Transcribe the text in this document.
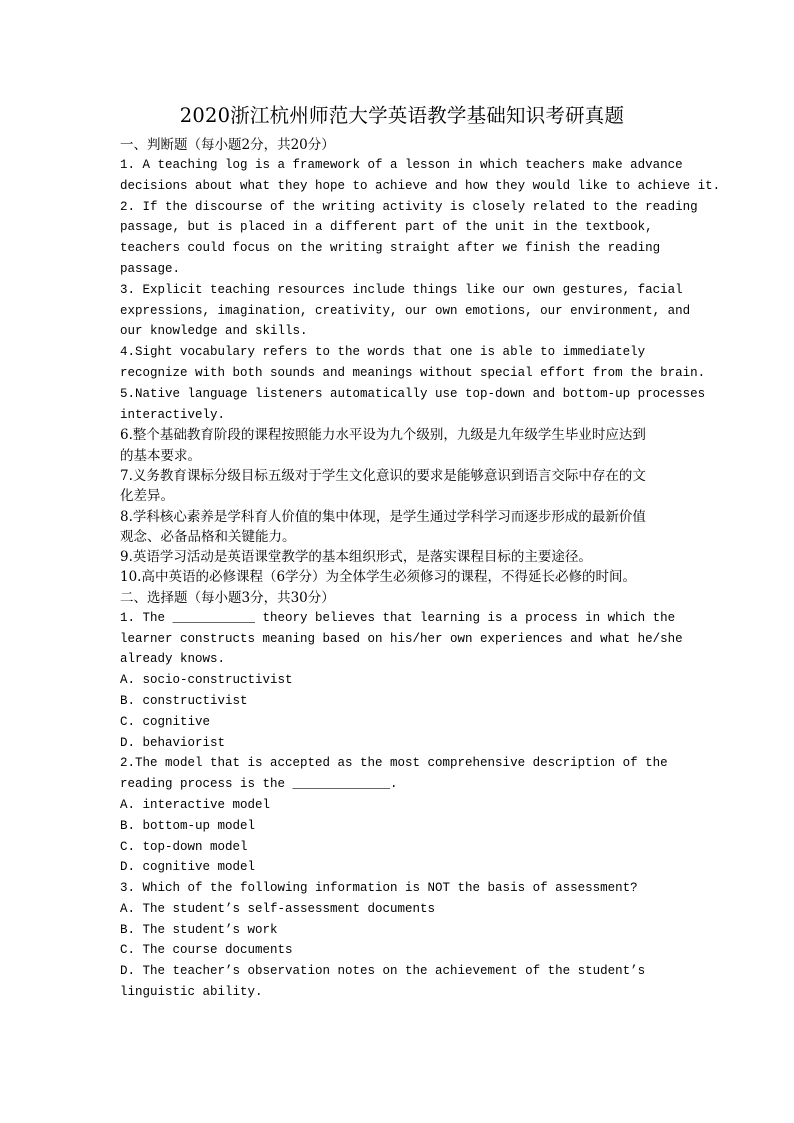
2020浙江杭州师范大学英语教学基础知识考研真题
一、判断题（每小题2分，共20分）
1. A teaching log is a framework of a lesson in which teachers make advance
decisions about what they hope to achieve and how they would like to achieve it.
2. If the discourse of the writing activity is closely related to the reading
passage, but is placed in a different part of the unit in the textbook,
teachers could focus on the writing straight after we finish the reading
passage.
3. Explicit teaching resources include things like our own gestures, facial
expressions, imagination, creativity, our own emotions, our environment, and
our knowledge and skills.
4.Sight vocabulary refers to the words that one is able to immediately
recognize with both sounds and meanings without special effort from the brain.
5.Native language listeners automatically use top-down and bottom-up processes
interactively.
6.整个基础教育阶段的课程按照能力水平设为九个级别，九级是九年级学生毕业时应达到
的基本要求。
7.义务教育课标分级目标五级对于学生文化意识的要求是能够意识到语言交际中存在的文
化差异。
8.学科核心素养是学科育人价值的集中体现，是学生通过学科学习而逐步形成的最新价值
观念、必备品格和关键能力。
9.英语学习活动是英语课堂教学的基本组织形式，是落实课程目标的主要途径。
10.高中英语的必修课程（6学分）为全体学生必须修习的课程，不得延长必修的时间。
二、选择题（每小题3分，共30分）
1. The ___________ theory believes that learning is a process in which the
learner constructs meaning based on his/her own experiences and what he/she
already knows.
A. socio-constructivist
B. constructivist
C. cognitive
D. behaviorist
2.The model that is accepted as the most comprehensive description of the
reading process is the _____________.
A. interactive model
B. bottom-up model
C. top-down model
D. cognitive model
3. Which of the following information is NOT the basis of assessment?
A. The student’s self-assessment documents
B. The student’s work
C. The course documents
D. The teacher’s observation notes on the achievement of the student’s
linguistic ability.
